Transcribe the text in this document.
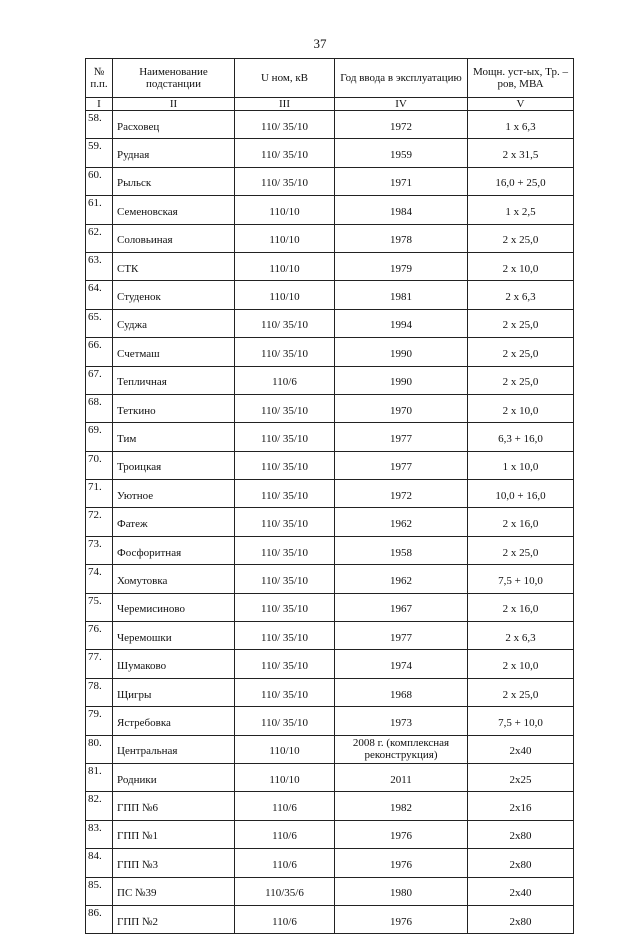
37
№ п.п.	Наименование подстанции	U ном, кВ	Год ввода в эксплуатацию	Мощн. уст-ых, Тр. – ров, МВА
I	II	III	IV	V
58.	Расховец	110/ 35/10	1972	1 х 6,3
59.	Рудная	110/ 35/10	1959	2 х 31,5
60.	Рыльск	110/ 35/10	1971	16,0 + 25,0
61.	Семеновская	110/10	1984	1 х 2,5
62.	Соловьиная	110/10	1978	2 х 25,0
63.	СТК	110/10	1979	2 х 10,0
64.	Студенок	110/10	1981	2 х 6,3
65.	Суджа	110/ 35/10	1994	2 х 25,0
66.	Счетмаш	110/ 35/10	1990	2 х 25,0
67.	Тепличная	110/6	1990	2 х 25,0
68.	Теткино	110/ 35/10	1970	2 х 10,0
69.	Тим	110/ 35/10	1977	6,3 + 16,0
70.	Троицкая	110/ 35/10	1977	1 х 10,0
71.	Уютное	110/ 35/10	1972	10,0 + 16,0
72.	Фатеж	110/ 35/10	1962	2 х 16,0
73.	Фосфоритная	110/ 35/10	1958	2 х 25,0
74.	Хомутовка	110/ 35/10	1962	7,5 + 10,0
75.	Черемисиново	110/ 35/10	1967	2 х 16,0
76.	Черемошки	110/ 35/10	1977	2 х 6,3
77.	Шумаково	110/ 35/10	1974	2 х 10,0
78.	Щигры	110/ 35/10	1968	2 х 25,0
79.	Ястребовка	110/ 35/10	1973	7,5 + 10,0
80.	Центральная	110/10	2008 г. (комплексная реконструкция)	2х40
81.	Родники	110/10	2011	2х25
82.	ГПП №6	110/6	1982	2х16
83.	ГПП №1	110/6	1976	2х80
84.	ГПП №3	110/6	1976	2х80
85.	ПС №39	110/35/6	1980	2х40
86.	ГПП №2	110/6	1976	2х80
